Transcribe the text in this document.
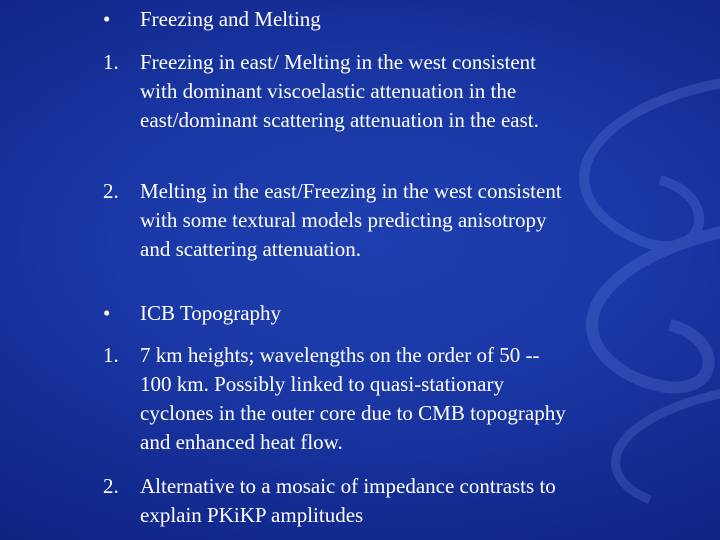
• Freezing and Melting
1. Freezing in east/ Melting in the west consistent with dominant viscoelastic attenuation in the east/dominant scattering attenuation in the east.
2. Melting in the east/Freezing in the west consistent with some textural models predicting anisotropy and scattering attenuation.
• ICB Topography
1. 7 km heights; wavelengths on the order of 50 -- 100 km. Possibly linked to quasi-stationary cyclones in the outer core due to CMB topography and enhanced heat flow.
2. Alternative to a mosaic of impedance contrasts to explain PKiKP amplitudes
